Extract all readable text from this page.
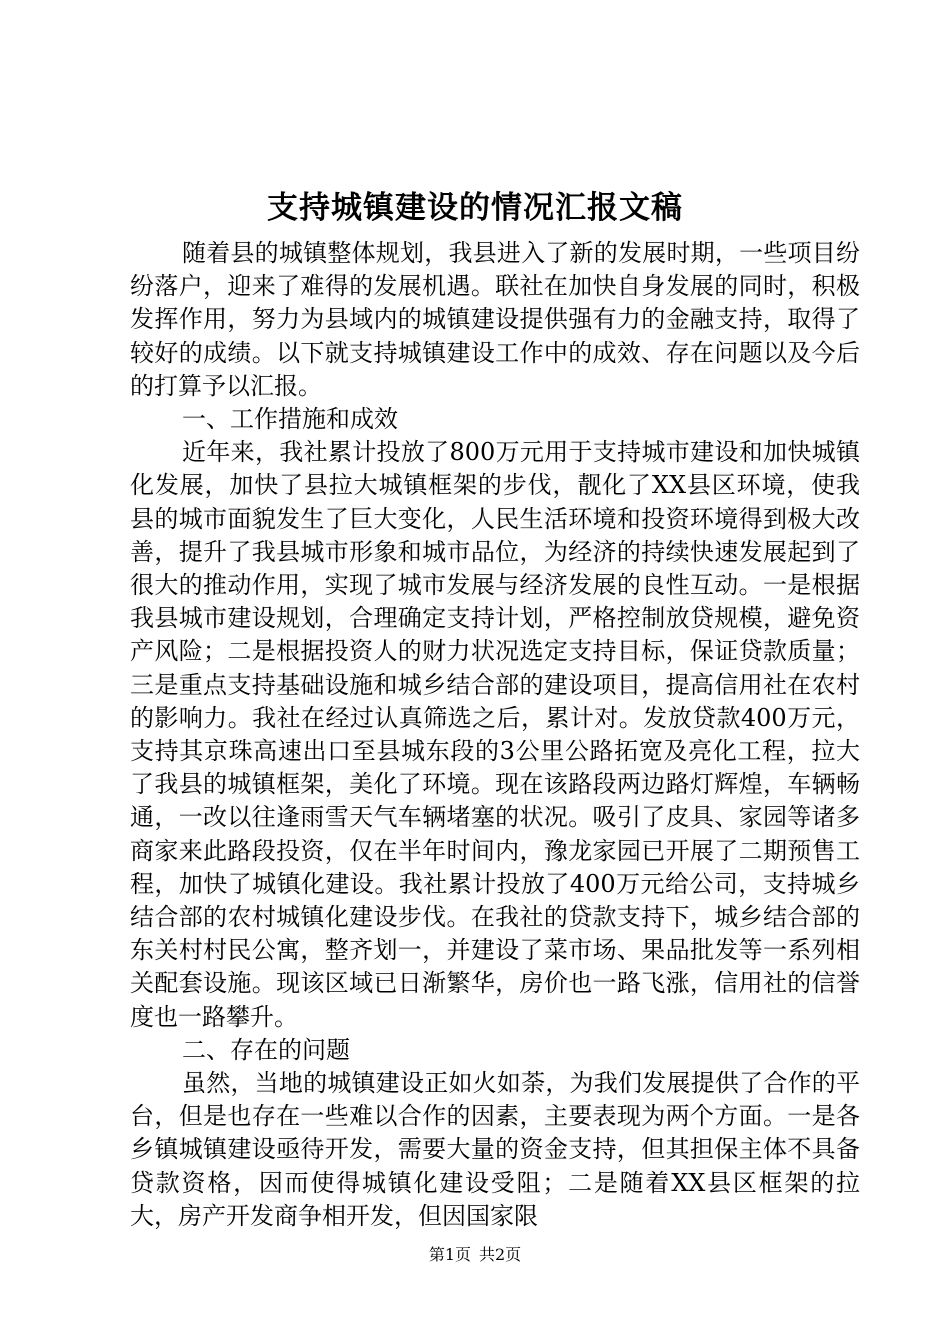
支持城镇建设的情况汇报文稿

随着县的城镇整体规划，我县进入了新的发展时期，一些项目纷纷落户，迎来了难得的发展机遇。联社在加快自身发展的同时，积极发挥作用，努力为县域内的城镇建设提供强有力的金融支持，取得了较好的成绩。以下就支持城镇建设工作中的成效、存在问题以及今后的打算予以汇报。

一、工作措施和成效

近年来，我社累计投放了800万元用于支持城市建设和加快城镇化发展，加快了县拉大城镇框架的步伐，靓化了XX县区环境，使我县的城市面貌发生了巨大变化，人民生活环境和投资环境得到极大改善，提升了我县城市形象和城市品位，为经济的持续快速发展起到了很大的推动作用，实现了城市发展与经济发展的良性互动。一是根据我县城市建设规划，合理确定支持计划，严格控制放贷规模，避免资产风险；二是根据投资人的财力状况选定支持目标，保证贷款质量；三是重点支持基础设施和城乡结合部的建设项目，提高信用社在农村的影响力。我社在经过认真筛选之后，累计对。发放贷款400万元，支持其京珠高速出口至县城东段的3公里公路拓宽及亮化工程，拉大了我县的城镇框架，美化了环境。现在该路段两边路灯辉煌，车辆畅通，一改以往逢雨雪天气车辆堵塞的状况。吸引了皮具、家园等诸多商家来此路段投资，仅在半年时间内，豫龙家园已开展了二期预售工程，加快了城镇化建设。我社累计投放了400万元给公司，支持城乡结合部的农村城镇化建设步伐。在我社的贷款支持下，城乡结合部的东关村村民公寓，整齐划一，并建设了菜市场、果品批发等一系列相关配套设施。现该区域已日渐繁华，房价也一路飞涨，信用社的信誉度也一路攀升。

二、存在的问题

虽然，当地的城镇建设正如火如荼，为我们发展提供了合作的平台，但是也存在一些难以合作的因素，主要表现为两个方面。一是各乡镇城镇建设亟待开发，需要大量的资金支持，但其担保主体不具备贷款资格，因而使得城镇化建设受阻；二是随着XX县区框架的拉大，房产开发商争相开发，但因国家限

第1页 共2页
